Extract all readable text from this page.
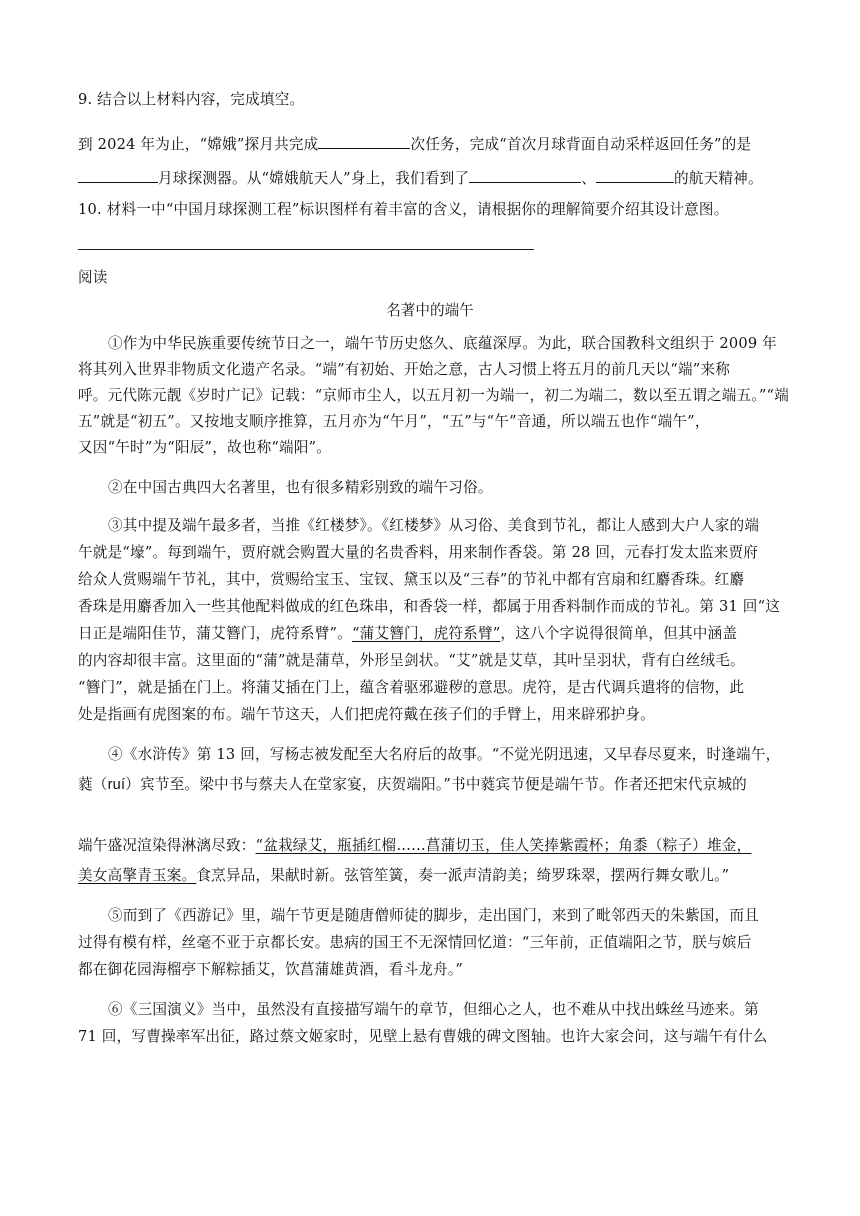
9. 结合以上材料内容，完成填空。
到 2024 年为止，“嫦娥”探月共完成	次任务，完成“首次月球背面自动采样返回任务”的是
月球探测器。从“嫦娥航天人”身上，我们看到了	、	的航天精神。
10. 材料一中“中国月球探测工程”标识图样有着丰富的含义，请根据你的理解简要介绍其设计意图。
阅读
名著中的端午
①作为中华民族重要传统节日之一，端午节历史悠久、底蕴深厚。为此，联合国教科文组织于 2009 年
将其列入世界非物质文化遗产名录。“端”有初始、开始之意，古人习惯上将五月的前几天以“端”来称
呼。元代陈元靓《岁时广记》记载：“京师市尘人，以五月初一为端一，初二为端二，数以至五谓之端五。”“端
五”就是“初五”。又按地支顺序推算，五月亦为“午月”，“五”与“午”音通，所以端五也作“端午”，
又因“午时”为“阳辰”，故也称“端阳”。
②在中国古典四大名著里，也有很多精彩别致的端午习俗。
③其中提及端午最多者，当推《红楼梦》。《红楼梦》从习俗、美食到节礼，都让人感到大户人家的端
午就是“壕”。每到端午，贾府就会购置大量的名贵香料，用来制作香袋。第 28 回，元春打发太监来贾府
给众人赏赐端午节礼，其中，赏赐给宝玉、宝钗、黛玉以及“三春”的节礼中都有宫扇和红麝香珠。红麝
香珠是用麝香加入一些其他配料做成的红色珠串，和香袋一样，都属于用香料制作而成的节礼。第 31 回“这
日正是端阳佳节，蒲艾簪门，虎符系臂”。“蒲艾簪门，虎符系臂”，这八个字说得很简单，但其中涵盖
的内容却很丰富。这里面的“蒲”就是蒲草，外形呈剑状。“艾”就是艾草，其叶呈羽状，背有白丝绒毛。
“簪门”，就是插在门上。将蒲艾插在门上，蕴含着驱邪避秽的意思。虎符，是古代调兵遣将的信物，此
处是指画有虎图案的布。端午节这天，人们把虎符戴在孩子们的手臂上，用来辟邪护身。
④《水浒传》第 13 回，写杨志被发配至大名府后的故事。“不觉光阴迅速，又早春尽夏来，时逢端午，
蕤（ruí）宾节至。梁中书与蔡夫人在堂家宴，庆贺端阳。”书中蕤宾节便是端午节。作者还把宋代京城的
端午盛况渲染得淋漓尽致：“盆栽绿艾，瓶插红榴……菖蒲切玉，佳人笑捧紫霞杯；角黍（粽子）堆金，
美女高擎青玉案。食烹异品，果献时新。弦管笙簧，奏一派声清韵美；绮罗珠翠，摆两行舞女歌儿。”
⑤而到了《西游记》里，端午节更是随唐僧师徒的脚步，走出国门，来到了毗邻西天的朱紫国，而且
过得有模有样，丝毫不亚于京都长安。患病的国王不无深情回忆道：“三年前，正值端阳之节，朕与嫔后
都在御花园海榴亭下解粽插艾，饮菖蒲雄黄酒，看斗龙舟。”
⑥《三国演义》当中，虽然没有直接描写端午的章节，但细心之人，也不难从中找出蛛丝马迹来。第
71 回，写曹操率军出征，路过蔡文姬家时，见壁上悬有曹娥的碑文图轴。也许大家会问，这与端午有什么
